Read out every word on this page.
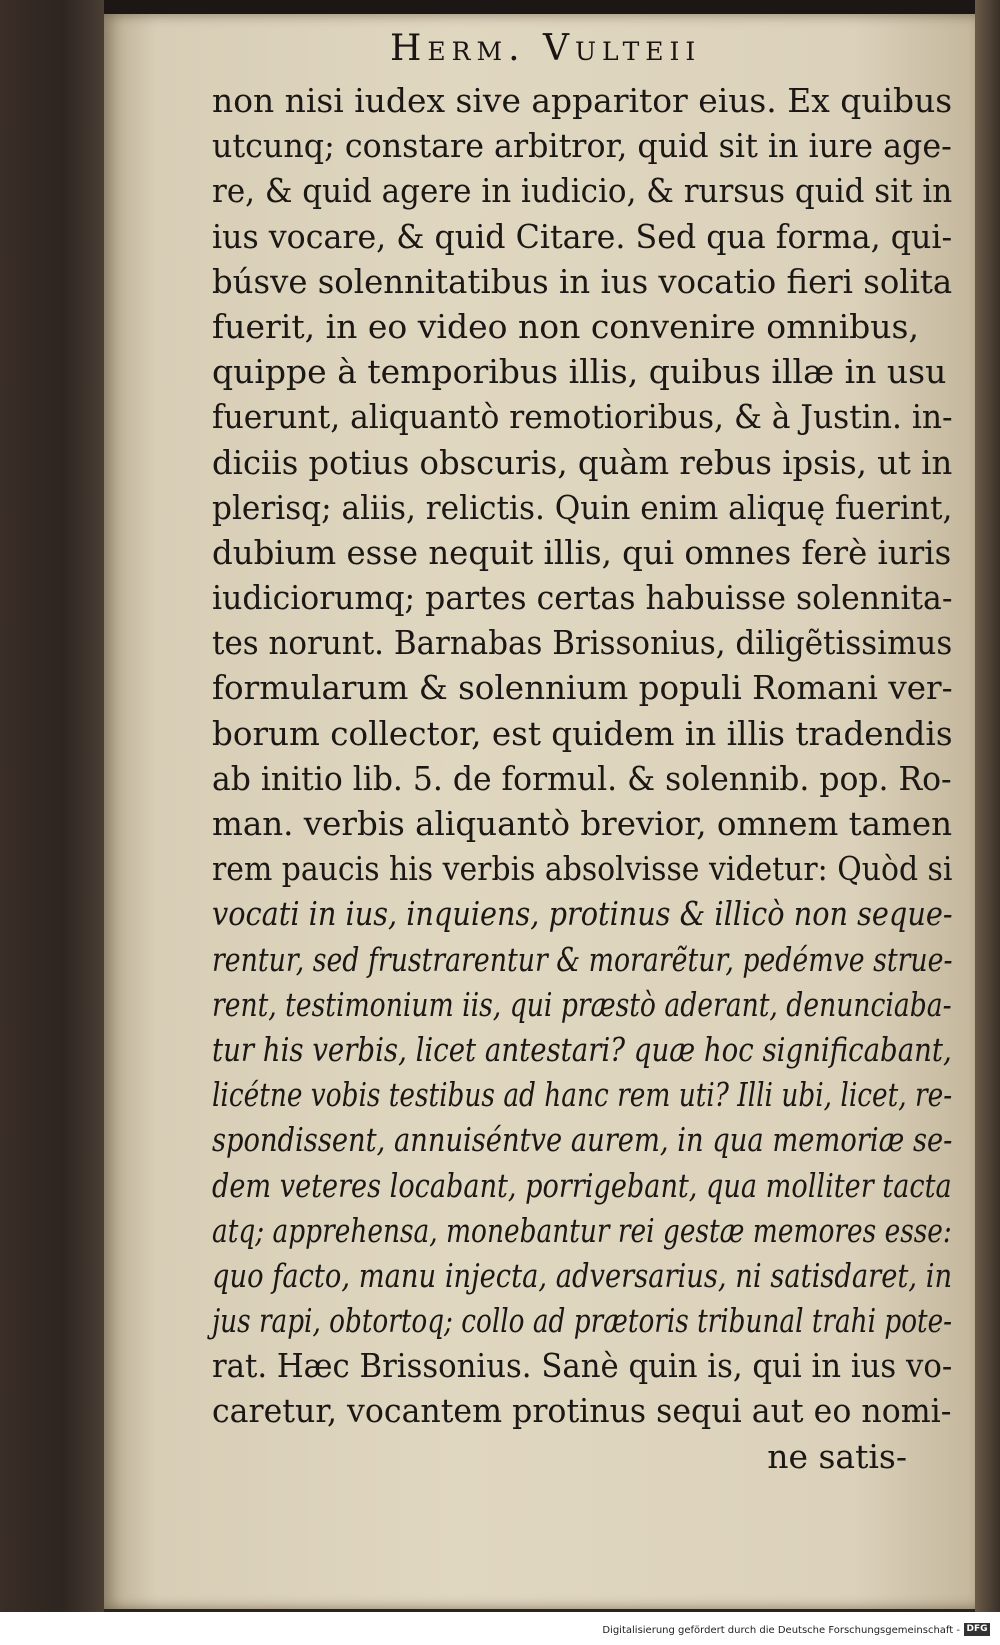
Herm. Vulteii
non nisi iudex sive apparitor eius. Ex quibus
utcunq; constare arbitror, quid sit in iure age-
re, & quid agere in iudicio, & rursus quid sit in
ius vocare, & quid Citare. Sed qua forma, qui-
búsve solennitatibus in ius vocatio fieri solita
fuerit, in eo video non convenire omnibus,
quippe à temporibus illis, quibus illæ in usu
fuerunt, aliquantò remotioribus, & à Justin. in-
diciis potius obscuris, quàm rebus ipsis, ut in
plerisq; aliis, relictis. Quin enim aliquę fuerint,
dubium esse nequit illis, qui omnes ferè iuris
iudiciorumq; partes certas habuisse solennita-
tes norunt. Barnabas Brissonius, diligẽtissimus
formularum & solennium populi Romani ver-
borum collector, est quidem in illis tradendis
ab initio lib. 5. de formul. & solennib. pop. Ro-
man. verbis aliquantò brevior, omnem tamen
rem paucis his verbis absolvisse videtur: Quòd si
vocati in ius, inquiens, protinus & illicò non seque-
rentur, sed frustrarentur & morarẽtur, pedémve struе-
rent, testimonium iis, qui præstò aderant, denunciaba-
tur his verbis, licet antestari? quæ hoc significabant,
licétne vobis testibus ad hanc rem uti? Illi ubi, licet, re-
spondissent, annuiséntve aurem, in qua memoriæ se-
dem veteres locabant, porrigebant, qua molliter tacta
atq; apprehensa, monebantur rei gestæ memores esse:
quo facto, manu injecta, adversarius, ni satisdaret, in
jus rapi, obtortoq; collo ad prætoris tribunal trahi pote-
rat. Hæc Brissonius. Sanè quin is, qui in ius vo-
caretur, vocantem protinus sequi aut eo nomi-
ne satis-
Digitalisierung gefördert durch die Deutsche Forschungsgemeinschaft - DFG
